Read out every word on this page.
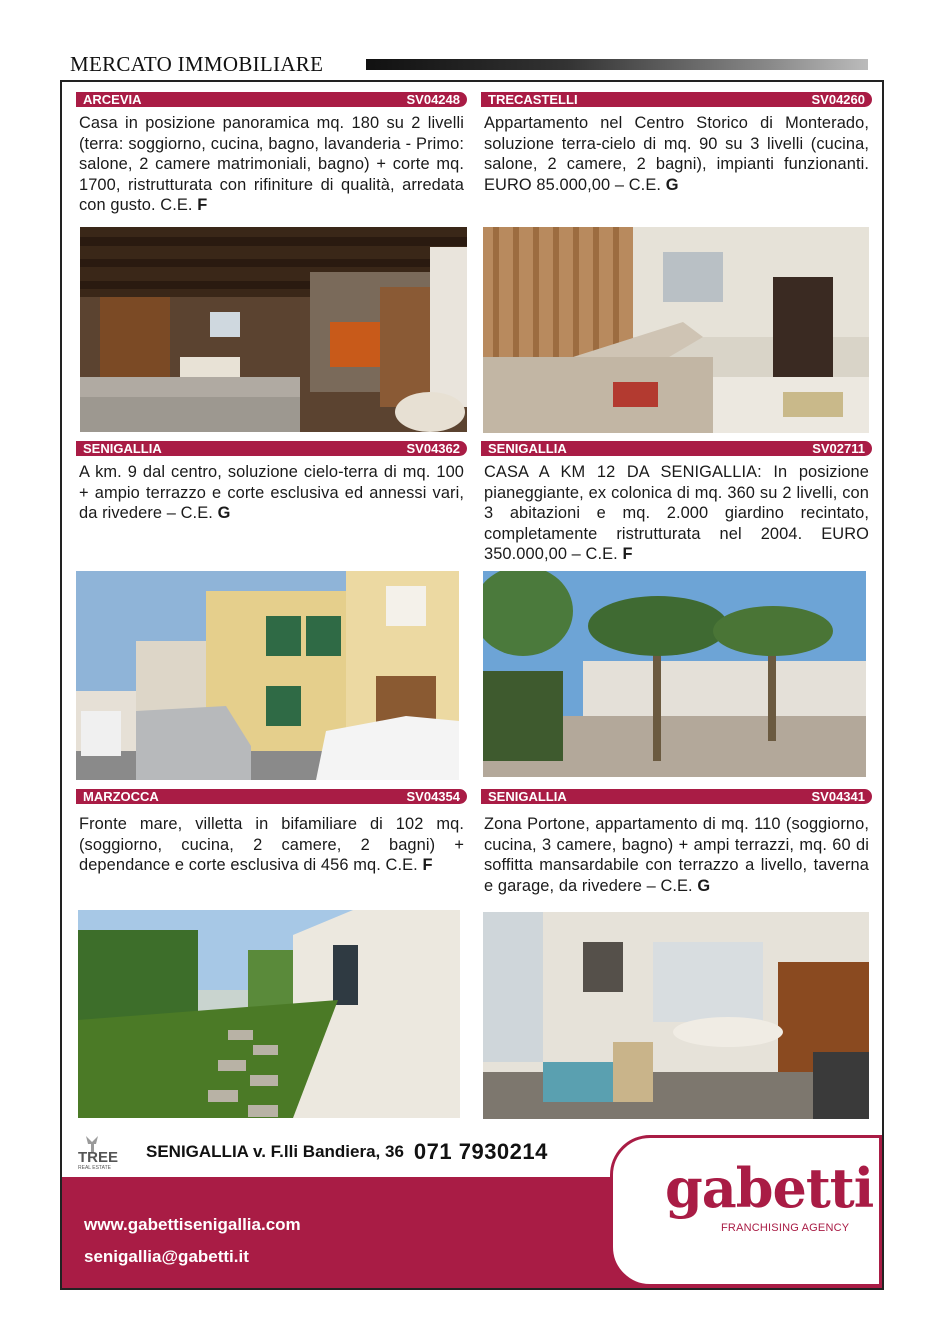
MERCATO IMMOBILIARE
ARCEVIA	SV04248
Casa in posizione panoramica mq. 180 su 2 livelli (terra: soggiorno, cucina, bagno, lavanderia - Primo: salone, 2 camere matrimoniali, bagno) + corte mq. 1700, ristrutturata con rifiniture di qualità, arredata con gusto. C.E. F
TRECASTELLI	SV04260
Appartamento nel Centro Storico di Monterado, soluzione terra-cielo di mq. 90 su 3 livelli (cucina, salone, 2 camere, 2 bagni), impianti funzionanti. EURO 85.000,00 – C.E. G
SENIGALLIA	SV04362
A km. 9 dal centro, soluzione cielo-terra di mq. 100 + ampio terrazzo e corte esclusiva ed annessi vari, da rivedere – C.E. G
SENIGALLIA	SV02711
CASA A KM 12 DA SENIGALLIA: In posizione pianeggiante, ex colonica di mq. 360 su 2 livelli, con 3 abitazioni e mq. 2.000 giardino recintato, completamente ristrutturata nel 2004. EURO 350.000,00 – C.E. F
MARZOCCA	SV04354
Fronte mare, villetta in bifamiliare di 102 mq. (soggiorno, cucina, 2 camere, 2 bagni) + dependance e corte esclusiva di 456 mq. C.E. F
SENIGALLIA	SV04341
Zona Portone, appartamento di mq. 110 (soggiorno, cucina, 3 camere, bagno) + ampi terrazzi, mq. 60 di soffitta mansardabile con terrazzo a livello, taverna e garage, da rivedere – C.E. G
TREE
REAL ESTATE
SENIGALLIA v. F.lli Bandiera, 36 071 7930214
www.gabettisenigallia.com
senigallia@gabetti.it
gabetti
FRANCHISING AGENCY
